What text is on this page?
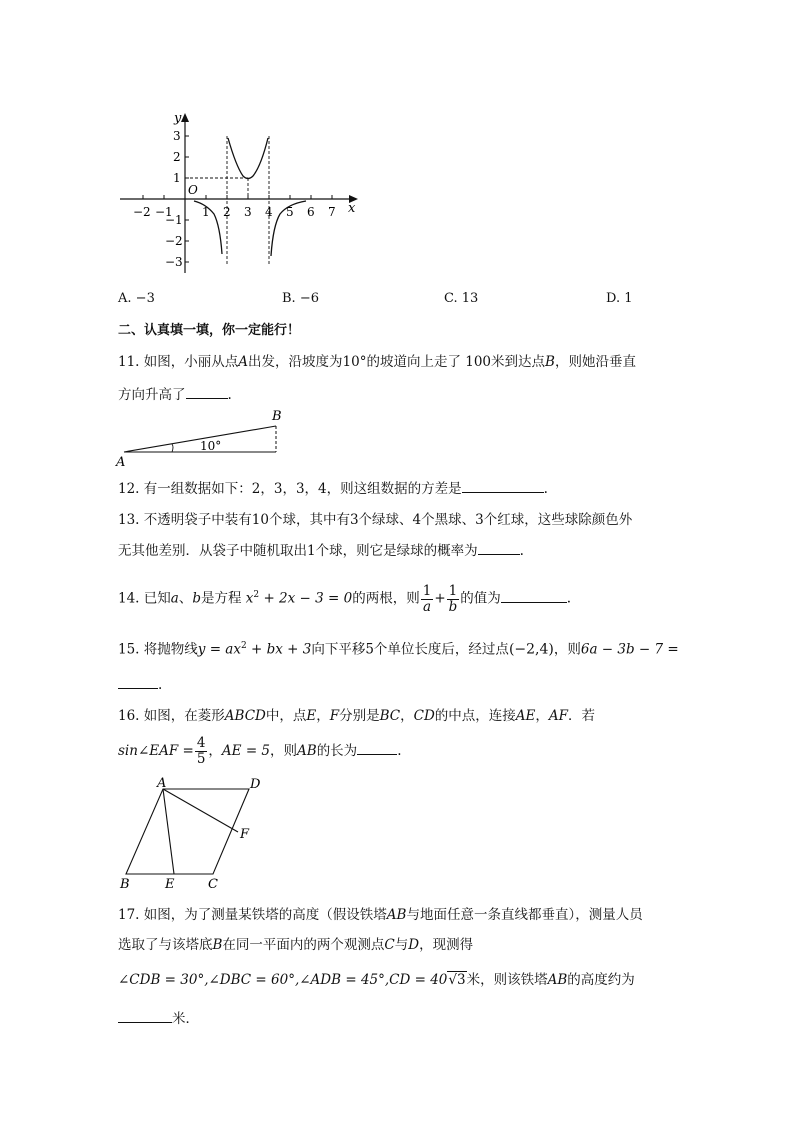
y
x
O
−2 −1 1 2 3 4 5 6 7
3
2
1
−1
−2
−3
A. −3	B. −6	C. 13	D. 1
二、认真填一填，你一定能行！
11. 如图，小丽从点A出发，沿坡度为10°的坡道向上走了 100米到达点B，则她沿垂直
方向升高了	.
A
B
10°
12. 有一组数据如下：2，3，3，4，则这组数据的方差是	.
13. 不透明袋子中装有10个球，其中有3个绿球、4个黑球、3个红球，这些球除颜色外
无其他差别．从袋子中随机取出1个球，则它是绿球的概率为	.
14. 已知a、b是方程 $x^2 + 2x - 3 = 0$的两根，则 $\frac{1}{a} + \frac{1}{b}$ 的值为	.
15. 将抛物线$y = ax^2$ + bx + 3向下平移5个单位长度后，经过点(−2,4)，则6a − 3b − 7 =
.
16. 如图，在菱形ABCD中，点E，F分别是BC，CD的中点，连接AE，AF．若
sin∠EAF = $\frac{4}{5}$ ，AE = 5，则AB的长为	.
A	D
F
B	E	C
17. 如图，为了测量某铁塔的高度（假设铁塔AB与地面任意一条直线都垂直），测量人员
选取了与该塔底B在同一平面内的两个观测点C与D，现测得
∠CDB = 30°,∠DBC = 60°,∠ADB = 45°,CD = 40√3米，则该铁塔AB的高度约为
米．
